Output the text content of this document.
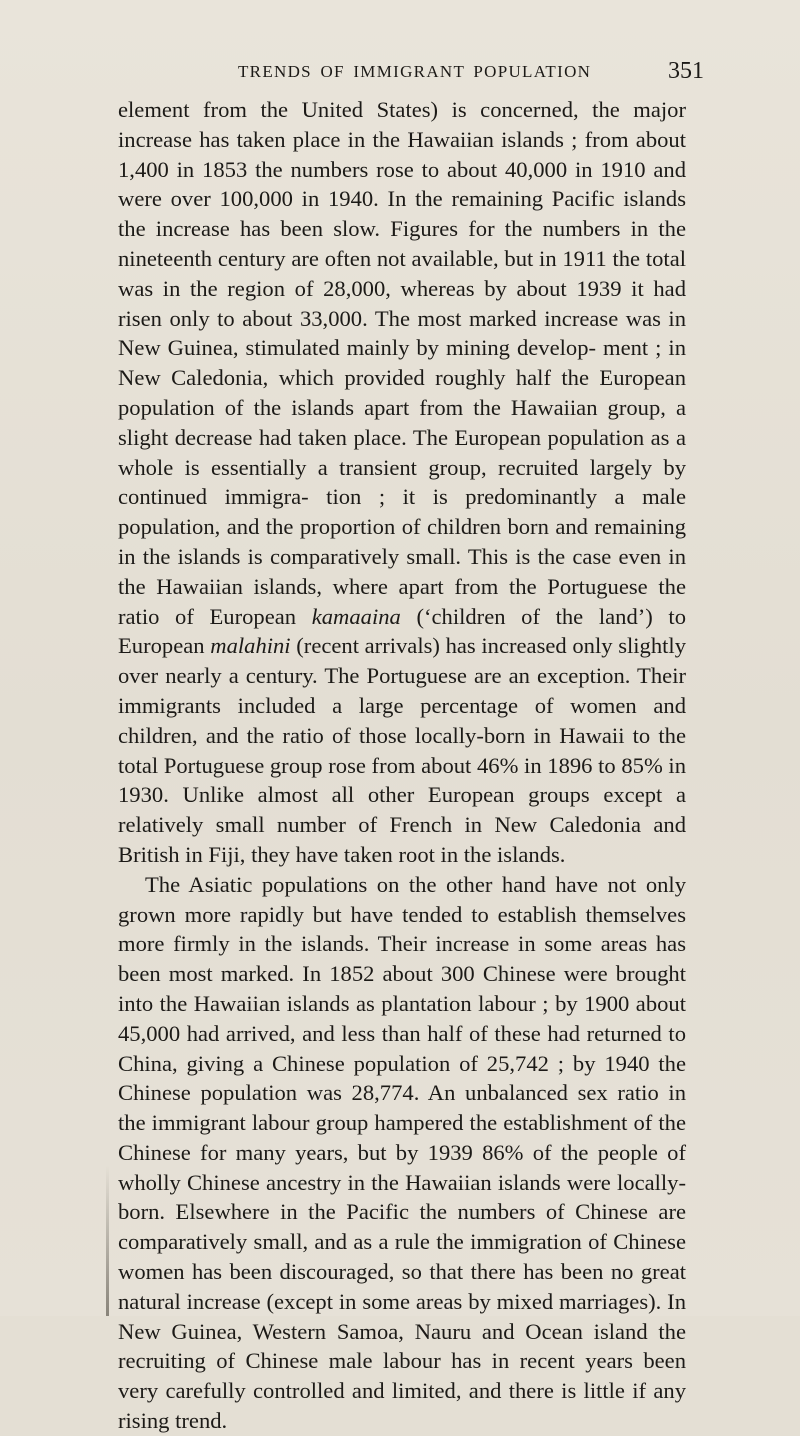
TRENDS OF IMMIGRANT POPULATION	351

element from the United States) is concerned, the major increase has taken place in the Hawaiian islands ; from about 1,400 in 1853 the numbers rose to about 40,000 in 1910 and were over 100,000 in 1940. In the remaining Pacific islands the increase has been slow. Figures for the numbers in the nineteenth century are often not available, but in 1911 the total was in the region of 28,000, whereas by about 1939 it had risen only to about 33,000. The most marked increase was in New Guinea, stimulated mainly by mining develop- ment ; in New Caledonia, which provided roughly half the European population of the islands apart from the Hawaiian group, a slight decrease had taken place. The European population as a whole is essentially a transient group, recruited largely by continued immigra- tion ; it is predominantly a male population, and the proportion of children born and remaining in the islands is comparatively small. This is the case even in the Hawaiian islands, where apart from the Portuguese the ratio of European kamaaina (‘children of the land’) to European malahini (recent arrivals) has increased only slightly over nearly a century. The Portuguese are an exception. Their immigrants included a large percentage of women and children, and the ratio of those locally-born in Hawaii to the total Portuguese group rose from about 46% in 1896 to 85% in 1930. Unlike almost all other European groups except a relatively small number of French in New Caledonia and British in Fiji, they have taken root in the islands.

The Asiatic populations on the other hand have not only grown more rapidly but have tended to establish themselves more firmly in the islands. Their increase in some areas has been most marked. In 1852 about 300 Chinese were brought into the Hawaiian islands as plantation labour ; by 1900 about 45,000 had arrived, and less than half of these had returned to China, giving a Chinese population of 25,742 ; by 1940 the Chinese population was 28,774. An unbalanced sex ratio in the immigrant labour group hampered the establishment of the Chinese for many years, but by 1939 86% of the people of wholly Chinese ancestry in the Hawaiian islands were locally-born. Elsewhere in the Pacific the numbers of Chinese are comparatively small, and as a rule the immigration of Chinese women has been discouraged, so that there has been no great natural increase (except in some areas by mixed marriages). In New Guinea, Western Samoa, Nauru and Ocean island the recruiting of Chinese male labour has in recent years been very carefully controlled and limited, and there is little if any rising trend.
